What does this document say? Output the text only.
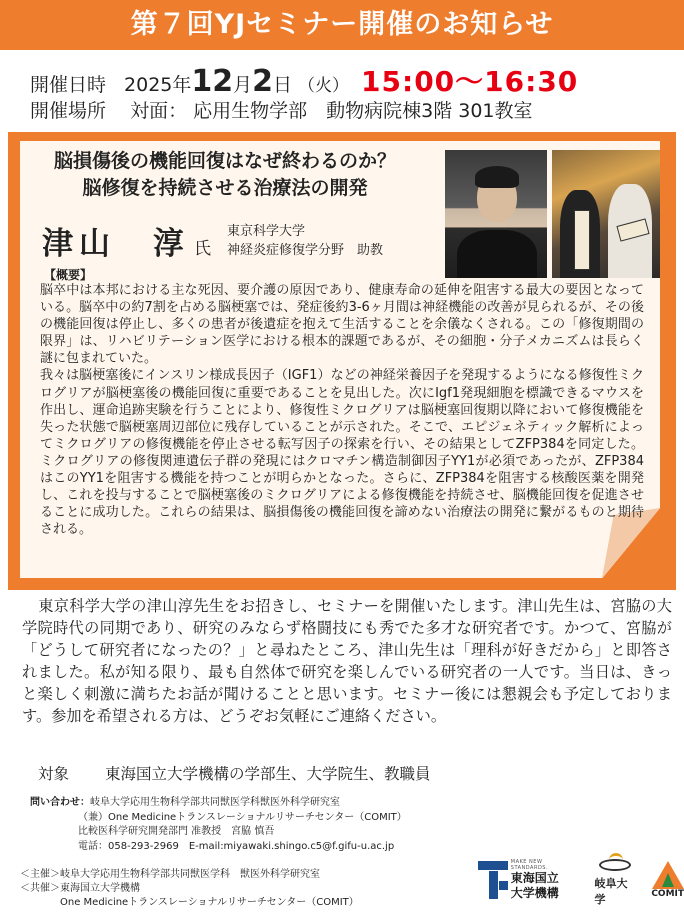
第７回YJセミナー開催のお知らせ
開催日時 2025年 12 月 2 日 （火） 15:00〜16:30
開催場所 対面： 応用生物学部　動物病院棟3階 301教室
脳損傷後の機能回復はなぜ終わるのか？
脳修復を持続させる治療法の開発
津山　淳 氏
東京科学大学
神経炎症修復学分野　助教
【概要】

脳卒中は本邦における主な死因、要介護の原因であり、健康寿命の延伸を阻害する最大の要因となっている。脳卒中の約7割を占める脳梗塞では、発症後約3-6ヶ月間は神経機能の改善が見られるが、その後の機能回復は停止し、多くの患者が後遺症を抱えて生活することを余儀なくされる。この「修復期間の限界」は、リハビリテーション医学における根本的課題であるが、その細胞・分子メカニズムは長らく謎に包まれていた。

我々は脳梗塞後にインスリン様成長因子（IGF1）などの神経栄養因子を発現するようになる修復性ミクログリアが脳梗塞後の機能回復に重要であることを見出した。次にIgf1発現細胞を標識できるマウスを作出し、運命追跡実験を行うことにより、修復性ミクログリアは脳梗塞回復期以降において修復機能を失った状態で脳梗塞周辺部位に残存していることが示された。そこで、エピジェネティック解析によってミクログリアの修復機能を停止させる転写因子の探索を行い、その結果としてZFP384を同定した。ミクログリアの修復関連遺伝子群の発現にはクロマチン構造制御因子YY1が必須であったが、ZFP384はこのYY1を阻害する機能を持つことが明らかとなった。さらに、ZFP384を阻害する核酸医薬を開発し、これを投与することで脳梗塞後のミクログリアによる修復機能を持続させ、脳機能回復を促進させることに成功した。これらの結果は、脳損傷後の機能回復を諦めない治療法の開発に繋がるものと期待される。

東京科学大学の津山淳先生をお招きし、セミナーを開催いたします。津山先生は、宮脇の大学院時代の同期であり、研究のみならず格闘技にも秀でた多才な研究者です。かつて、宮脇が「どうして研究者になったの？」と尋ねたところ、津山先生は「理科が好きだから」と即答されました。私が知る限り、最も自然体で研究を楽しんでいる研究者の一人です。当日は、きっと楽しく刺激に満ちたお話が聞けることと思います。セミナー後には懇親会も予定しております。参加を希望される方は、どうぞお気軽にご連絡ください。
対象 東海国立大学機構の学部生、大学院生、教職員
問い合わせ：岐阜大学応用生物科学部共同獣医学科獣医外科学研究室
（兼）One Medicineトランスレーショナルリサーチセンター（COMIT）
比較医科学研究開発部門 准教授　宮脇 慎吾
電話：058-293-2969　E-mail:miyawaki.shingo.c5@f.gifu-u.ac.jp
＜主催＞岐阜大学応用生物科学部共同獣医学科　獣医外科学研究室
＜共催＞東海国立大学機構
One Medicineトランスレーショナルリサーチセンター（COMIT）
MAKE NEW STANDARDS.
東海国立
大学機構
岐阜大学	COMIT
